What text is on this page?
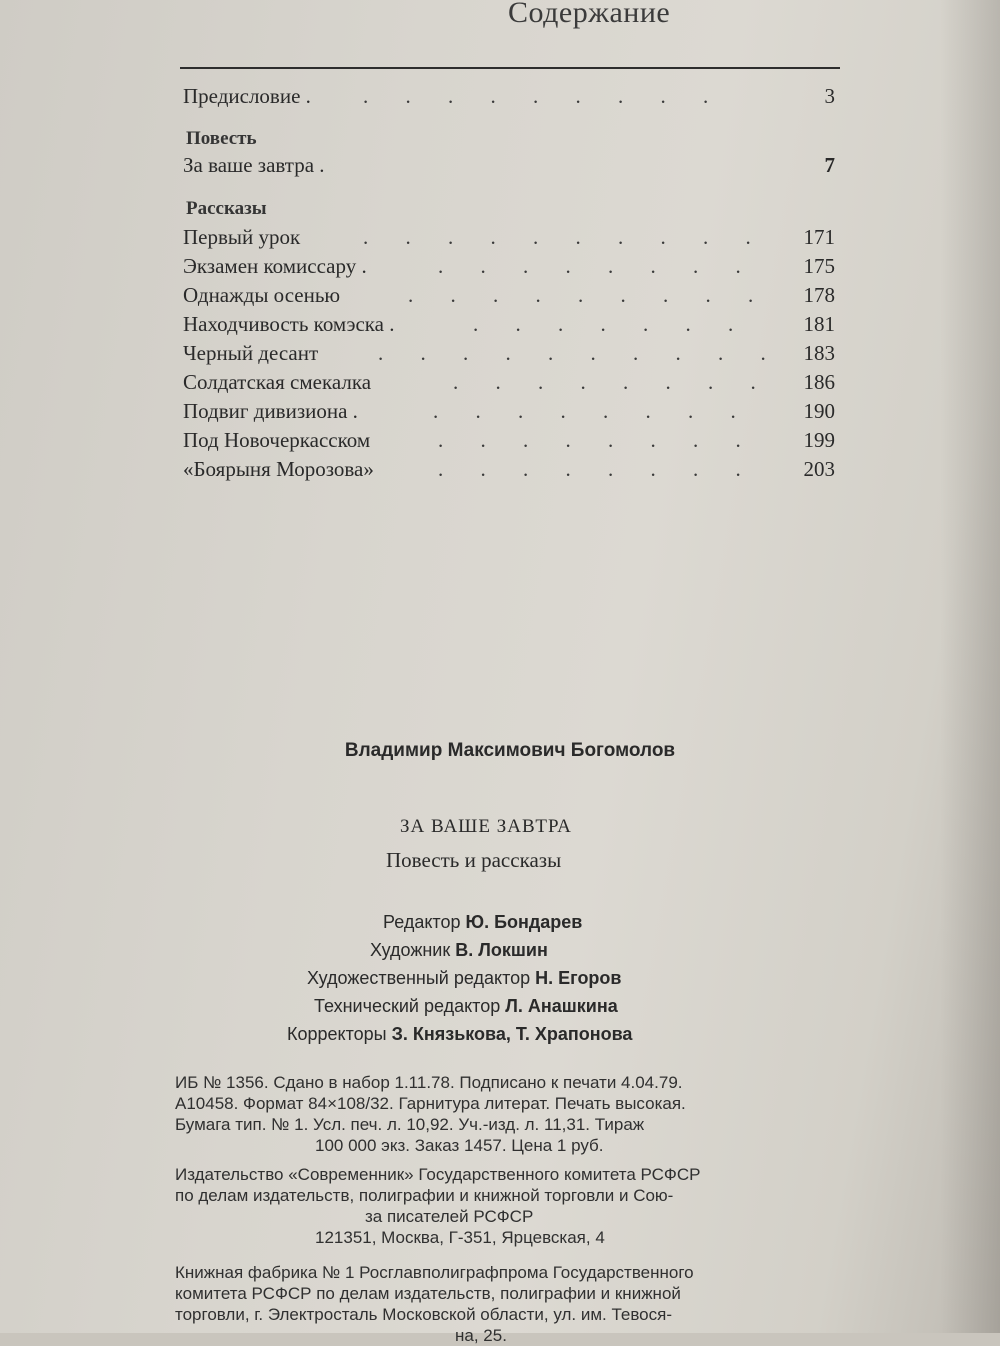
Содержание
Предисловие . . . . . . . . . .	3
Повесть
За ваше завтра .	7
Рассказы
Первый урок	. . . . . . . . . .	171
Экзамен комиссару .	. . . . . . . .	175
Однажды осенью	. . . . . . . . .	178
Находчивость комэска .	. . . . . . .	181
Черный десант	. . . . . . . . . . 183
Солдатская смекалка	. . . . . . . .	186
Подвиг дивизиона .	. . . . . . . .	190
Под Новочеркасском	. . . . . . . .	199
«Боярыня Морозова»	. . . . . . . .	203
Владимир Максимович Богомолов
ЗА ВАШЕ ЗАВТРА
Повесть и рассказы
Редактор Ю. Бондарев
Художник В. Локшин
Художественный редактор Н. Егоров
Технический редактор Л. Анашкина
Корректоры З. Князькова, Т. Храпонова
ИБ № 1356. Сдано в набор 1.11.78. Подписано к печати 4.04.79.
А10458. Формат 84×108/32. Гарнитура литерат. Печать высокая.
Бумага тип. № 1. Усл. печ. л. 10,92. Уч.-изд. л. 11,31. Тираж
100 000 экз. Заказ 1457. Цена 1 руб.
Издательство «Современник» Государственного комитета РСФСР
по делам издательств, полиграфии и книжной торговли и Сою-
за писателей РСФСР
121351, Москва, Г-351, Ярцевская, 4
Книжная фабрика № 1 Росглавполиграфпрома Государственного
комитета РСФСР по делам издательств, полиграфии и книжной
торговли, г. Электросталь Московской области, ул. им. Тевося-
на, 25.
